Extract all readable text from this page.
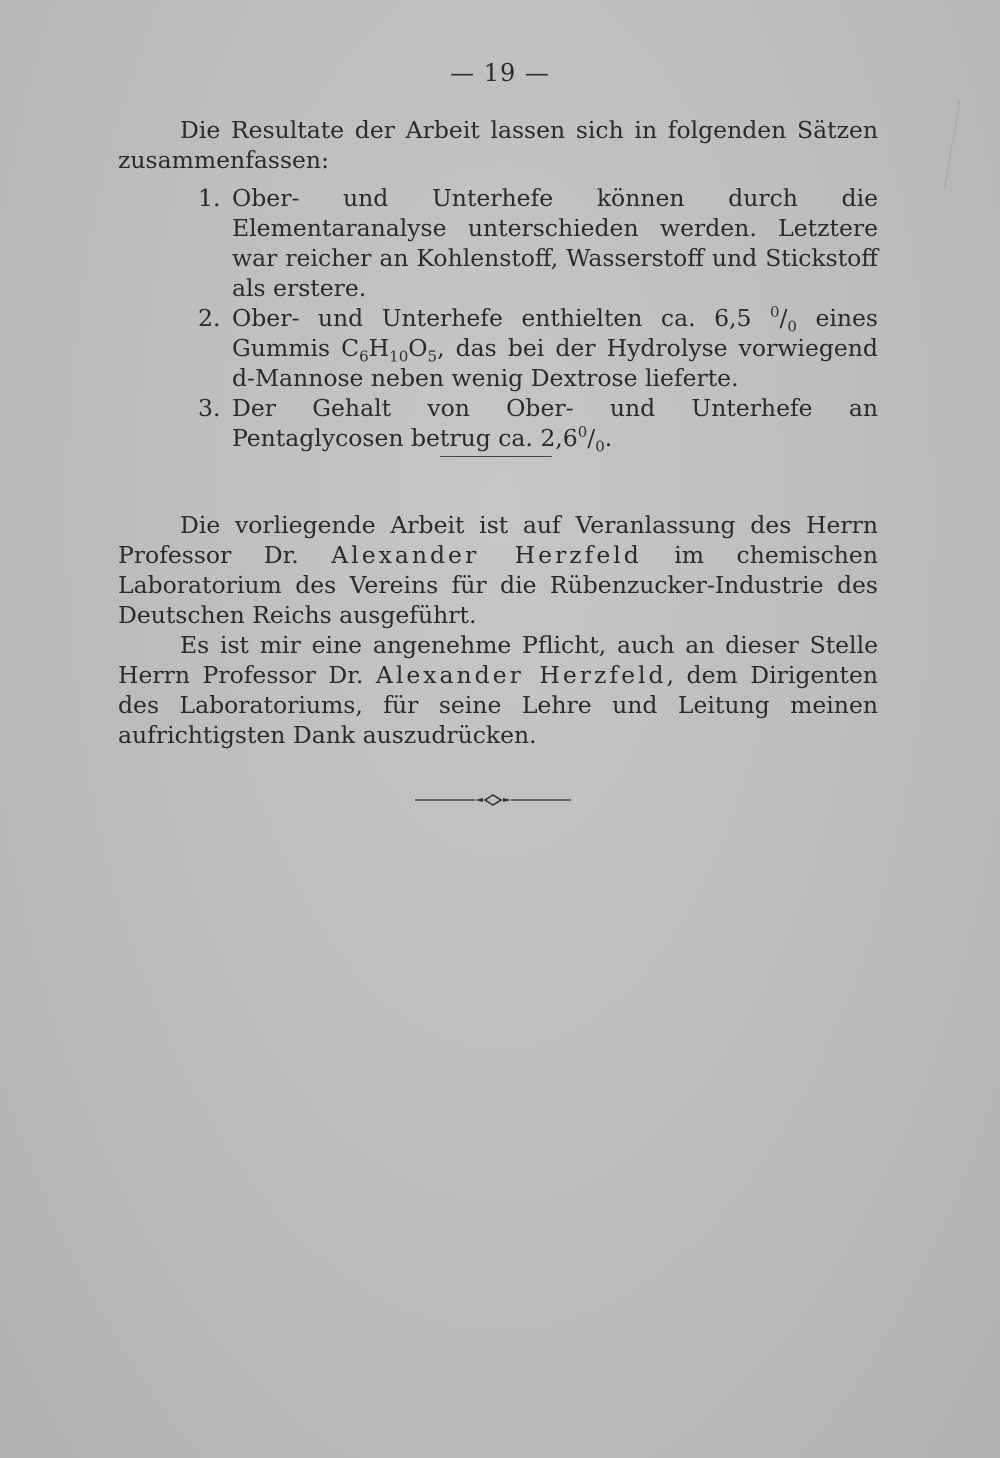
— 19 —

Die Resultate der Arbeit lassen sich in folgenden Sätzen zusammenfassen:

1. Ober- und Unterhefe können durch die Elementaranalyse unterschieden werden. Letztere war reicher an Kohlenstoff, Wasserstoff und Stickstoff als erstere.

2. Ober- und Unterhefe enthielten ca. 6,5 $^0/_0$ eines Gummis $C_6H_{10}O_5$, das bei der Hydrolyse vorwiegend d-Mannose neben wenig Dextrose lieferte.

3. Der Gehalt von Ober- und Unterhefe an Pentaglycosen betrug ca. $2,6^0/_0$.

Die vorliegende Arbeit ist auf Veranlassung des Herrn Professor Dr. Alexander Herzfeld im chemischen Laboratorium des Vereins für die Rübenzucker-Industrie des Deutschen Reichs ausgeführt.

Es ist mir eine angenehme Pflicht, auch an dieser Stelle Herrn Professor Dr. Alexander Herzfeld, dem Dirigenten des Laboratoriums, für seine Lehre und Leitung meinen aufrichtigsten Dank auszudrücken.
